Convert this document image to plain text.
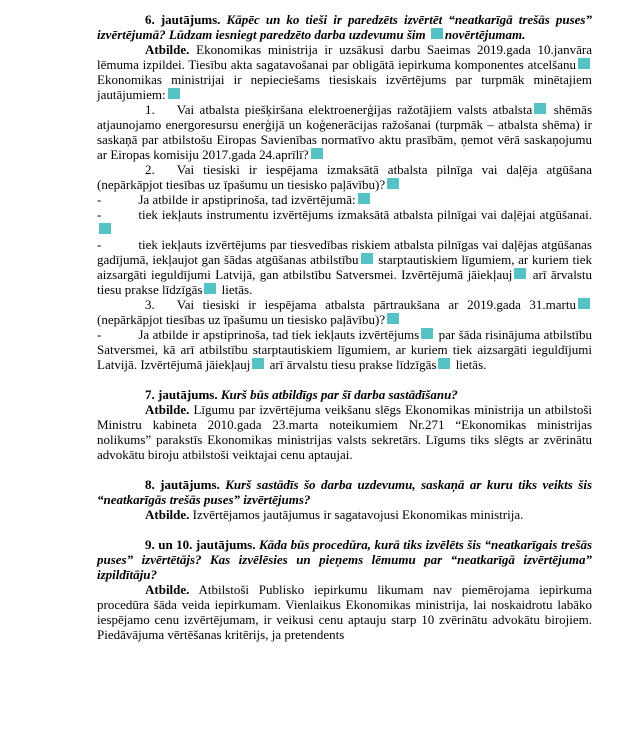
6. jautājums. Kāpēc un ko tieši ir paredzēts izvērtēt “neatkarīgā trešās puses” izvērtējumā? Lūdzam iesniegt paredzēto darba uzdevumu šim  novērtējumam.

Atbilde. Ekonomikas ministrija ir uzsākusi darbu Saeimas 2019.gada 10.janvāra lēmuma izpildei. Tiesību akta sagatavošanai par obligātā iepirkuma komponentes atcelšanu  Ekonomikas ministrijai ir nepieciešams tiesiskais izvērtējums par turpmāk minētajiem jautājumiem:

1. Vai atbalsta piešķiršana elektroenerģijas ražotājiem valsts atbalsta  shēmās atjaunojamo energoresursu enerģijā un koģenerācijas ražošanai (turpmāk – atbalsta shēma) ir saskaņā par atbilstošu Eiropas Savienības normatīvo aktu prasībām, ņemot vērā saskaņojumu ar Eiropas komisiju 2017.gada 24.aprīlī?

2. Vai tiesiski ir iespējama izmaksātā atbalsta pilnīga vai daļēja atgūšana (nepārkāpjot tiesības uz īpašumu un tiesisko paļāvību)?

-	Ja atbilde ir apstiprinoša, tad izvērtējumā:

-	tiek iekļauts instrumentu izvērtējums izmaksātā atbalsta pilnīgai vai daļējai atgūšanai.

-	tiek iekļauts izvērtējums par tiesvedības riskiem atbalsta pilnīgas vai daļējas atgūšanas gadījumā, iekļaujot gan šādas atgūšanas atbilstību  starptautiskiem līgumiem, ar kuriem tiek aizsargāti ieguldījumi Latvijā, gan atbilstību Satversmei. Izvērtējumā jāiekļauj  arī ārvalstu tiesu prakse līdzīgās  lietās.

3. Vai tiesiski ir iespējama atbalsta pārtraukšana ar 2019.gada 31.martu  (nepārkāpjot tiesības uz īpašumu un tiesisko paļāvību)?

-	Ja atbilde ir apstiprinoša, tad tiek iekļauts izvērtējums  par šāda risinājuma atbilstību Satversmei, kā arī atbilstību starptautiskiem līgumiem, ar kuriem tiek aizsargāti ieguldījumi Latvijā. Izvērtējumā jāiekļauj  arī ārvalstu tiesu prakse līdzīgās  lietās.

7. jautājums. Kurš būs atbildīgs par šī darba sastādīšanu?

Atbilde. Līgumu par izvērtējuma veikšanu slēgs Ekonomikas ministrija un atbilstoši Ministru kabineta 2010.gada 23.marta noteikumiem Nr.271 “Ekonomikas ministrijas nolikums” parakstīs Ekonomikas ministrijas valsts sekretārs. Līgums tiks slēgts ar zvērinātu advokātu biroju atbilstoši veiktajai cenu aptaujai.

8. jautājums. Kurš sastādīs šo darba uzdevumu, saskaņā ar kuru tiks veikts šis “neatkarīgās trešās puses” izvērtējums?

Atbilde. Izvērtējamos jautājumus ir sagatavojusi Ekonomikas ministrija.

9. un 10. jautājums. Kāda būs procedūra, kurā tiks izvēlēts šis “neatkarīgais trešās puses” izvērtētājs? Kas izvēlēsies un pieņems lēmumu par “neatkarīgā izvērtējuma” izpildītāju?

Atbilde. Atbilstoši Publisko iepirkumu likumam nav piemērojama iepirkuma procedūra šāda veida iepirkumam. Vienlaikus Ekonomikas ministrija, lai noskaidrotu labāko iespējamo cenu izvērtējumam, ir veikusi cenu aptauju starp 10 zvērinātu advokātu birojiem. Piedāvājuma vērtēšanas kritērijs, ja pretendents
